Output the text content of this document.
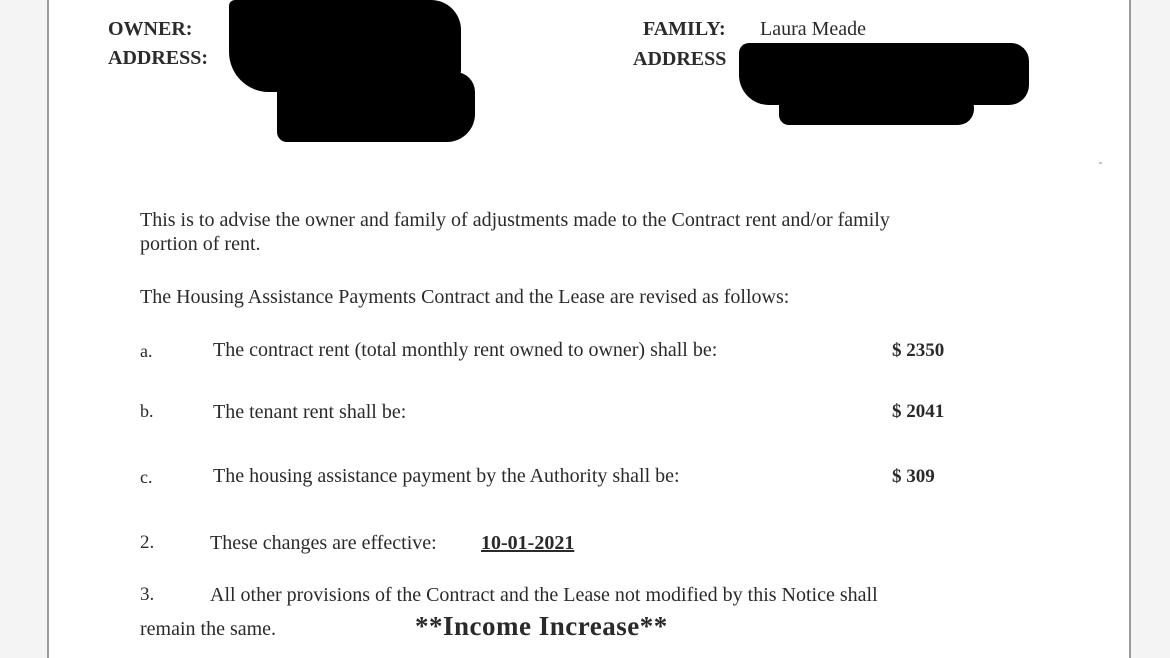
OWNER:
ADDRESS:
FAMILY: Laura Meade
ADDRESS
This is to advise the owner and family of adjustments made to the Contract rent and/or family
portion of rent.
The Housing Assistance Payments Contract and the Lease are revised as follows:
a.	The contract rent (total monthly rent owned to owner) shall be:	$ 2350
b.	The tenant rent shall be:	$ 2041
c.	The housing assistance payment by the Authority shall be:	$ 309
2.	These changes are effective: 10-01-2021
3.	All other provisions of the Contract and the Lease not modified by this Notice shall
remain the same.	**Income Increase**
